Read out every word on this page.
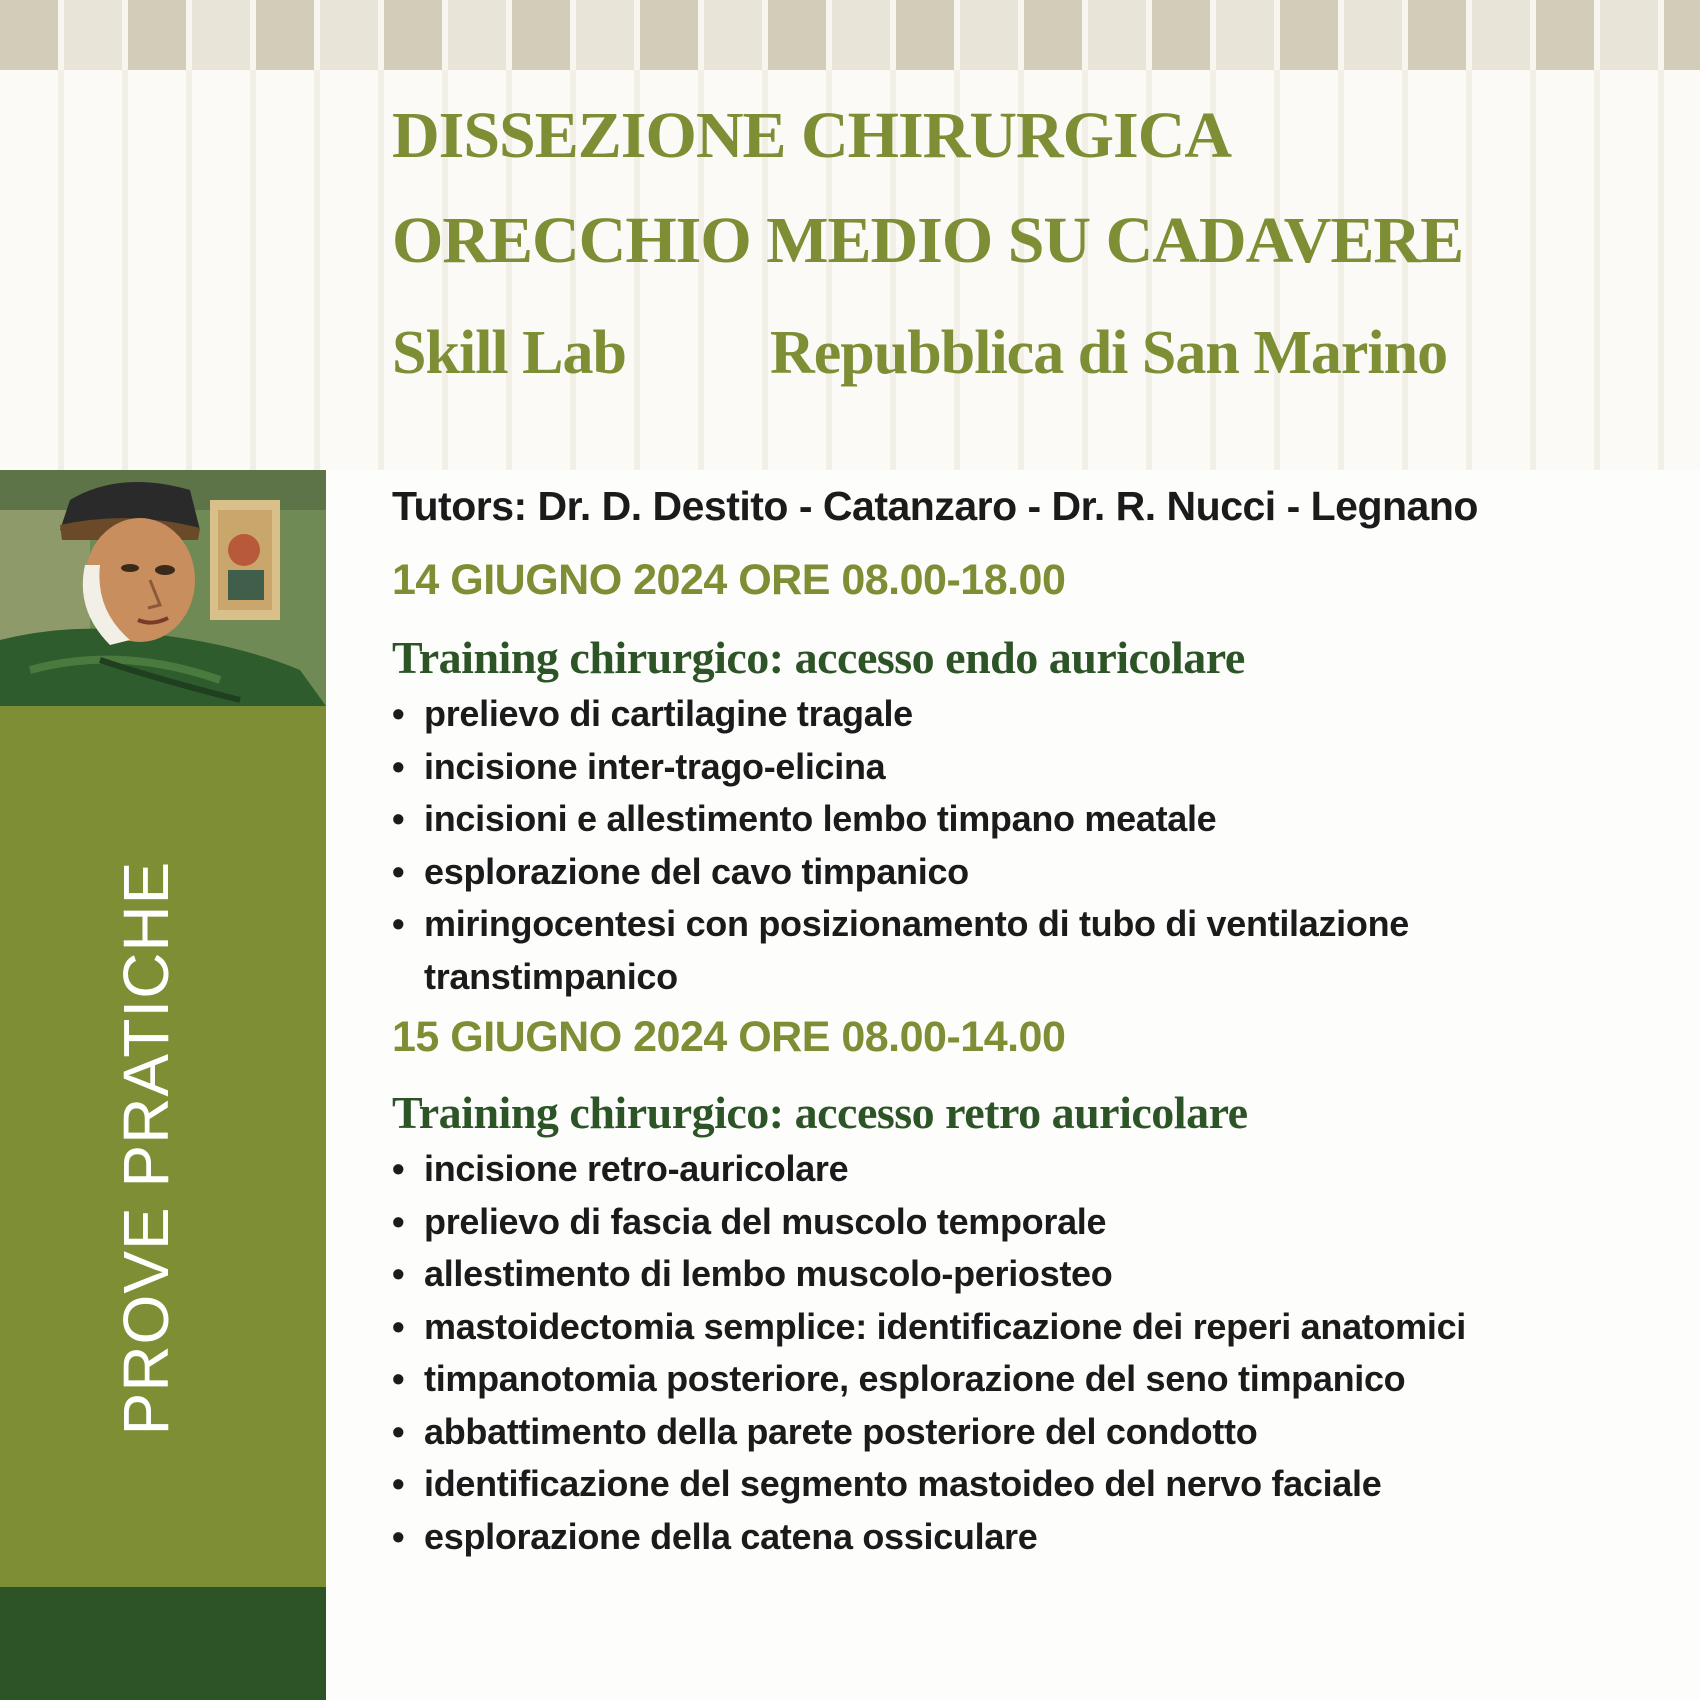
DISSEZIONE CHIRURGICA
ORECCHIO MEDIO SU CADAVERE
Skill Lab Repubblica di San Marino
PROVE PRATICHE

Tutors: Dr. D. Destito - Catanzaro - Dr. R. Nucci - Legnano

14 GIUGNO 2024 ORE 08.00-18.00

Training chirurgico: accesso endo auricolare

• prelievo di cartilagine tragale
• incisione inter-trago-elicina
• incisioni e allestimento lembo timpano meatale
• esplorazione del cavo timpanico
• miringocentesi con posizionamento di tubo di ventilazione transtimpanico

15 GIUGNO 2024 ORE 08.00-14.00

Training chirurgico: accesso retro auricolare

• incisione retro-auricolare
• prelievo di fascia del muscolo temporale
• allestimento di lembo muscolo-periosteo
• mastoidectomia semplice: identificazione dei reperi anatomici
• timpanotomia posteriore, esplorazione del seno timpanico
• abbattimento della parete posteriore del condotto
• identificazione del segmento mastoideo del nervo faciale
• esplorazione della catena ossiculare
